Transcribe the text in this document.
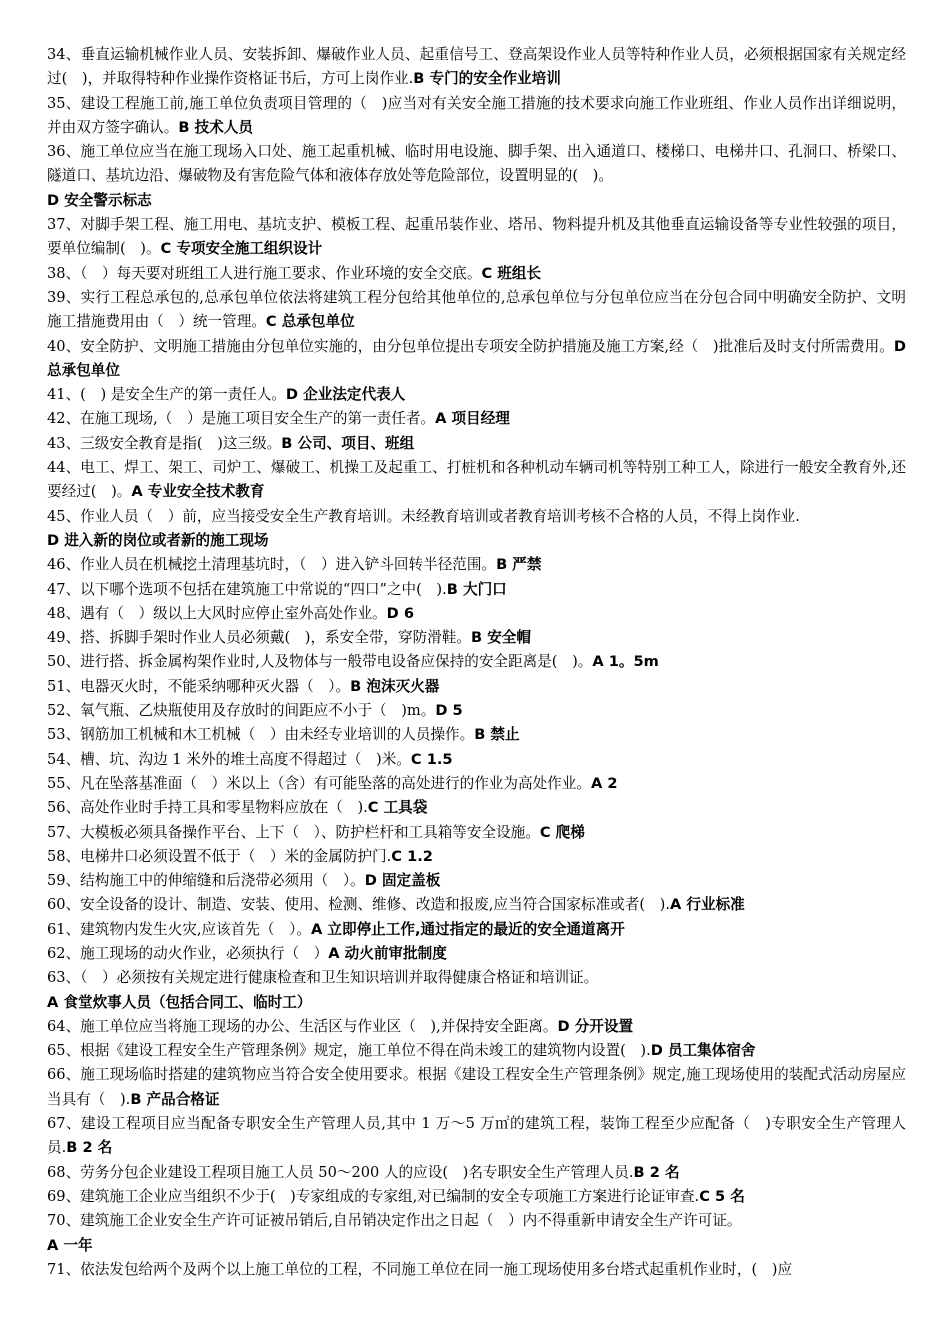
34、垂直运输机械作业人员、安装拆卸、爆破作业人员、起重信号工、登高架设作业人员等特种作业人员，必须根据国家有关规定经过(　)，并取得特种作业操作资格证书后，方可上岗作业.B 专门的安全作业培训

35、建设工程施工前,施工单位负责项目管理的（　)应当对有关安全施工措施的技术要求向施工作业班组、作业人员作出详细说明，并由双方签字确认。B 技术人员

36、施工单位应当在施工现场入口处、施工起重机械、临时用电设施、脚手架、出入通道口、楼梯口、电梯井口、孔洞口、桥梁口、隧道口、基坑边沿、爆破物及有害危险气体和液体存放处等危险部位，设置明显的(　)。

D 安全警示标志

37、对脚手架工程、施工用电、基坑支护、模板工程、起重吊装作业、塔吊、物料提升机及其他垂直运输设备等专业性较强的项目，要单位编制(　)。C 专项安全施工组织设计

38、（　）每天要对班组工人进行施工要求、作业环境的安全交底。C 班组长

39、实行工程总承包的,总承包单位依法将建筑工程分包给其他单位的,总承包单位与分包单位应当在分包合同中明确安全防护、文明施工措施费用由（　）统一管理。C 总承包单位

40、安全防护、文明施工措施由分包单位实施的，由分包单位提出专项安全防护措施及施工方案,经（　)批准后及时支付所需费用。D 总承包单位

41、(　) 是安全生产的第一责任人。D 企业法定代表人

42、在施工现场,（　）是施工项目安全生产的第一责任者。A 项目经理

43、三级安全教育是指(　)这三级。B 公司、项目、班组

44、电工、焊工、架工、司炉工、爆破工、机操工及起重工、打桩机和各种机动车辆司机等特别工种工人，除进行一般安全教育外,还要经过(　)。A 专业安全技术教育

45、作业人员（　）前，应当接受安全生产教育培训。未经教育培训或者教育培训考核不合格的人员，不得上岗作业.

D 进入新的岗位或者新的施工现场

46、作业人员在机械挖土清理基坑时，（　）进入铲斗回转半径范围。B 严禁

47、以下哪个选项不包括在建筑施工中常说的“四口”之中(　).B 大门口

48、遇有（　）级以上大风时应停止室外高处作业。D 6

49、搭、拆脚手架时作业人员必须戴(　)，系安全带，穿防滑鞋。B 安全帽

50、进行搭、拆金属构架作业时,人及物体与一般带电设备应保持的安全距离是(　)。A 1。5m

51、电器灭火时，不能采纳哪种灭火器（　）。B 泡沫灭火器

52、氧气瓶、乙炔瓶使用及存放时的间距应不小于（　)m。D 5

53、钢筋加工机械和木工机械（　）由未经专业培训的人员操作。B 禁止

54、槽、坑、沟边 1 米外的堆土高度不得超过（　)米。C 1.5

55、凡在坠落基准面（　）米以上（含）有可能坠落的高处进行的作业为高处作业。A 2

56、高处作业时手持工具和零星物料应放在（　).C 工具袋

57、大模板必须具备操作平台、上下（　）、防护栏杆和工具箱等安全设施。C 爬梯

58、电梯井口必须设置不低于（　）米的金属防护门.C 1.2

59、结构施工中的伸缩缝和后浇带必须用（　）。D 固定盖板

60、安全设备的设计、制造、安装、使用、检测、维修、改造和报废,应当符合国家标准或者(　).A 行业标准

61、建筑物内发生火灾,应该首先（　）。A 立即停止工作,通过指定的最近的安全通道离开

62、施工现场的动火作业，必须执行（　）A 动火前审批制度

63、（　）必须按有关规定进行健康检查和卫生知识培训并取得健康合格证和培训证。

A 食堂炊事人员（包括合同工、临时工）

64、施工单位应当将施工现场的办公、生活区与作业区（　),并保持安全距离。D 分开设置

65、根据《建设工程安全生产管理条例》规定，施工单位不得在尚未竣工的建筑物内设置(　).D 员工集体宿舍

66、施工现场临时搭建的建筑物应当符合安全使用要求。根据《建设工程安全生产管理条例》规定,施工现场使用的装配式活动房屋应当具有（　).B 产品合格证

67、建设工程项目应当配备专职安全生产管理人员,其中 1 万～5 万㎡的建筑工程，装饰工程至少应配备（　)专职安全生产管理人员.B 2 名

68、劳务分包企业建设工程项目施工人员 50～200 人的应设(　)名专职安全生产管理人员.B 2 名

69、建筑施工企业应当组织不少于(　)专家组成的专家组,对已编制的安全专项施工方案进行论证审查.C 5 名

70、建筑施工企业安全生产许可证被吊销后,自吊销决定作出之日起（　）内不得重新申请安全生产许可证。

A 一年

71、依法发包给两个及两个以上施工单位的工程，不同施工单位在同一施工现场使用多台塔式起重机作业时，(　)应
